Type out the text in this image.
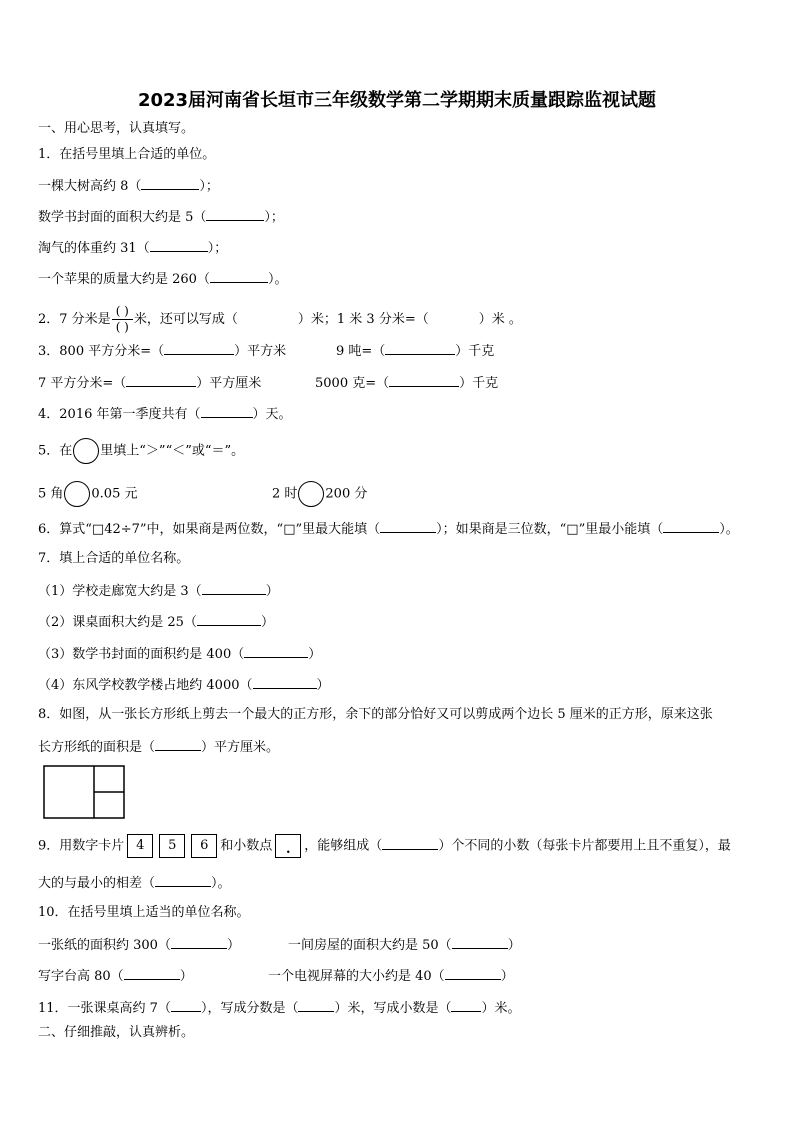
2023届河南省长垣市三年级数学第二学期期末质量跟踪监视试题
一、用心思考，认真填写。
1．在括号里填上合适的单位。
一棵大树高约 8（	）；
数学书封面的面积大约是 5（	）；
淘气的体重约 31（	）；
一个苹果的质量大约是 260（	）。
2．7 分米是 $\frac{( )}{( )}$ 米，还可以写成（	）米；1 米 3 分米=（	）米 。
3．800 平方分米=（	）平方米	9 吨=（	）千克
7 平方分米=（	）平方厘米	5000 克=（	）千克
4．2016 年第一季度共有（	）天。
5．在 里填上“＞”“＜”或“＝”。
5 角 0.05 元	2 时 200 分
6．算式“□42÷7”中，如果商是两位数，“□”里最大能填（	）；如果商是三位数，“□”里最小能填（	）。
7．填上合适的单位名称。
（1）学校走廊宽大约是 3（	）
（2）课桌面积大约是 25（	）
（3）数学书封面的面积约是 400（	）
（4）东风学校教学楼占地约 4000（	）
8．如图，从一张长方形纸上剪去一个最大的正方形，余下的部分恰好又可以剪成两个边长 5 厘米的正方形，原来这张
长方形纸的面积是（	）平方厘米。
9．用数字卡片 4 5 6 和小数点 . ，能够组成（	）个不同的小数（每张卡片都要用上且不重复），最
大的与最小的相差（	）。
10．在括号里填上适当的单位名称。
一张纸的面积约 300（	）	一间房屋的面积大约是 50（	）
写字台高 80（	）	一个电视屏幕的大小约是 40（	）
11．一张课桌高约 7（ ），写成分数是（	）米，写成小数是（ ）米。
二、仔细推敲，认真辨析。
